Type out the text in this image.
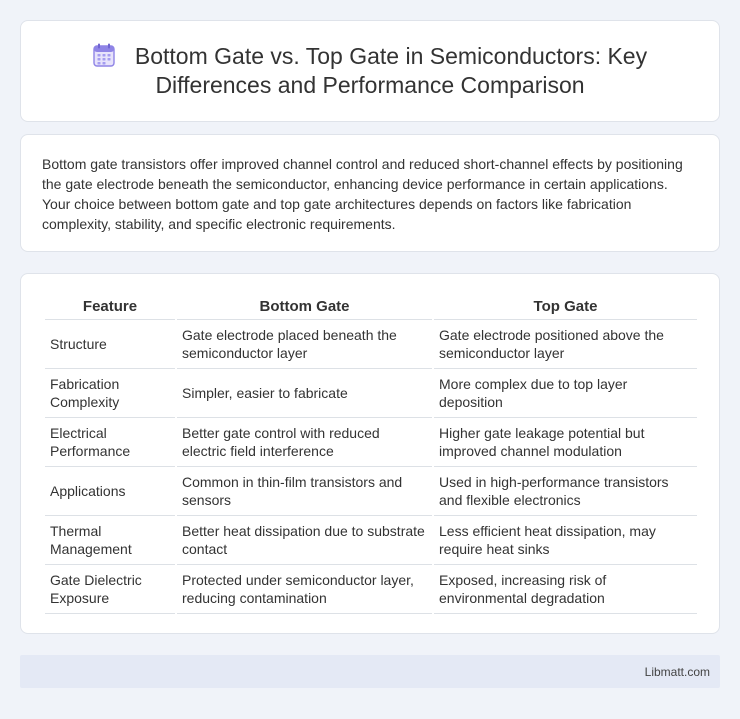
Bottom Gate vs. Top Gate in Semiconductors: Key Differences and Performance Comparison

Bottom gate transistors offer improved channel control and reduced short-channel effects by positioning the gate electrode beneath the semiconductor, enhancing device performance in certain applications. Your choice between bottom gate and top gate architectures depends on factors like fabrication complexity, stability, and specific electronic requirements.

Feature	Bottom Gate	Top Gate
Structure	Gate electrode placed beneath the semiconductor layer	Gate electrode positioned above the semiconductor layer
Fabrication Complexity	Simpler, easier to fabricate	More complex due to top layer deposition
Electrical Performance	Better gate control with reduced electric field interference	Higher gate leakage potential but improved channel modulation
Applications	Common in thin-film transistors and sensors	Used in high-performance transistors and flexible electronics
Thermal Management	Better heat dissipation due to substrate contact	Less efficient heat dissipation, may require heat sinks
Gate Dielectric Exposure	Protected under semiconductor layer, reducing contamination	Exposed, increasing risk of environmental degradation
Libmatt.com
